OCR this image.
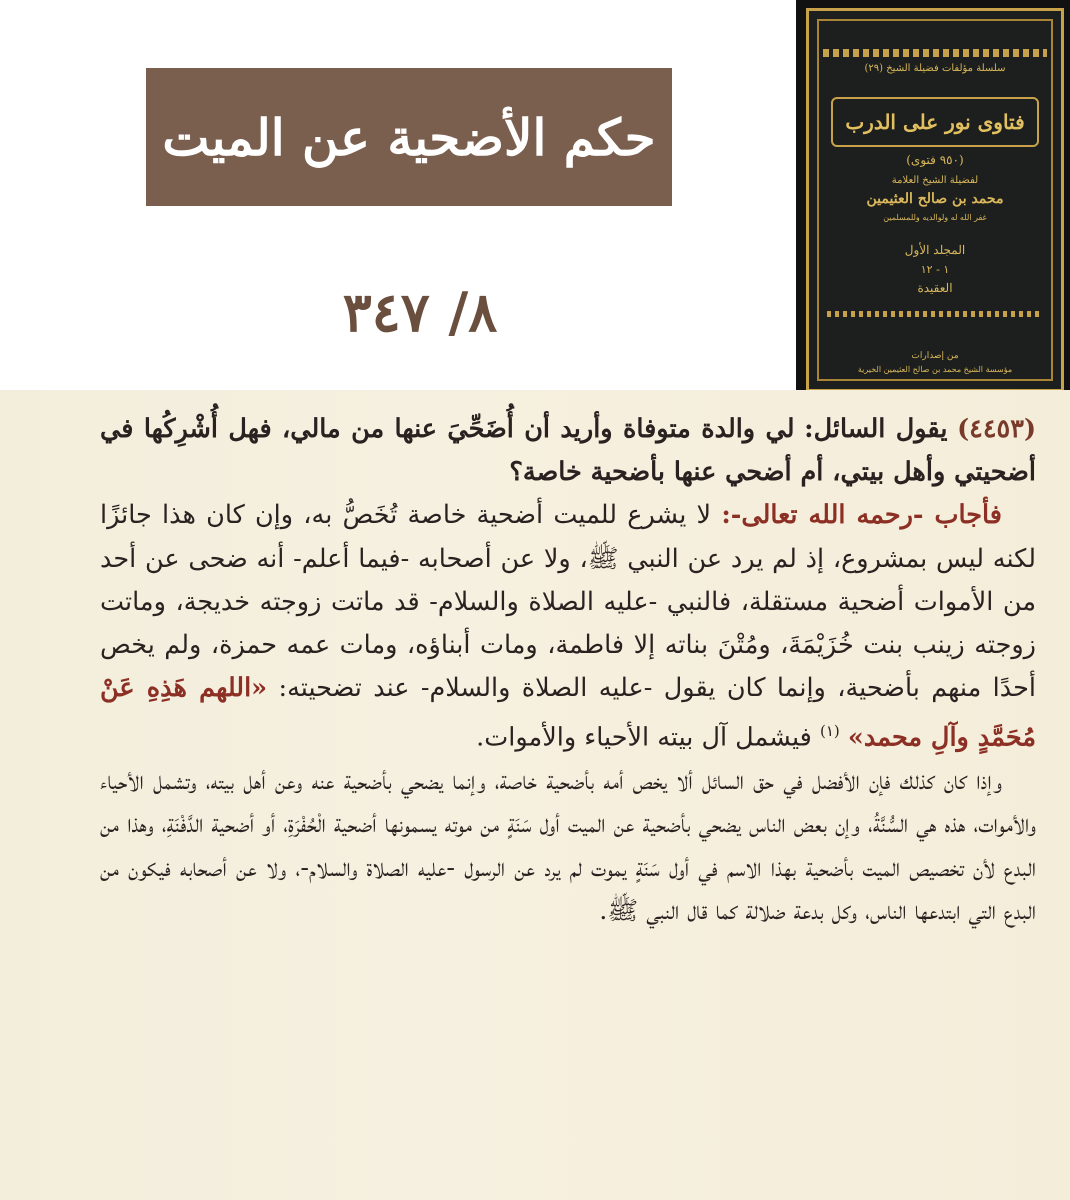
حكم الأضحية عن الميت
٨/ ٣٤٧
سلسلة مؤلفات فضيلة الشيخ (٢٩)
فتاوى نور على الدرب
(٩٥٠ فتوى)
لفضيلة الشيخ العلامة
محمد بن صالح العثيمين
غفر الله له ولوالديه وللمسلمين
المجلد الأول
١ - ١٢
العقيدة
من إصدارات
مؤسسة الشيخ محمد بن صالح العثيمين الخيرية

(٤٤٥٣) يقول السائل: لي والدة متوفاة وأريد أن أُضَحِّيَ عنها من مالي، فهل أُشْرِكُها في أضحيتي وأهل بيتي، أم أضحي عنها بأضحية خاصة؟

فأجاب -رحمه الله تعالى-: لا يشرع للميت أضحية خاصة تُخَصُّ به، وإن كان هذا جائزًا لكنه ليس بمشروع، إذ لم يرد عن النبي ﷺ، ولا عن أصحابه -فيما أعلم- أنه ضحى عن أحد من الأموات أضحية مستقلة، فالنبي -عليه الصلاة والسلام- قد ماتت زوجته خديجة، وماتت زوجته زينب بنت خُزَيْمَةَ، ومُتْنَ بناته إلا فاطمة، ومات أبناؤه، ومات عمه حمزة، ولم يخص أحدًا منهم بأضحية، وإنما كان يقول -عليه الصلاة والسلام- عند تضحيته: «اللهم هَذِهِ عَنْ مُحَمَّدٍ وآلِ محمد» $^{(١)}$ فيشمل آل بيته الأحياء والأموات.

وإذا كان كذلك فإن الأفضل في حق السائل ألا يخص أمه بأضحية خاصة، وإنما يضحي بأضحية عنه وعن أهل بيته، وتشمل الأحياء والأموات، هذه هي السُّنَّةُ، وإن بعض الناس يضحي بأضحية عن الميت أول سَنَةٍ من موته يسمونها أضحية الْحُفْرَةِ، أو أضحية الدَّفْنَةِ، وهذا من البدع لأن تخصيص الميت بأضحية بهذا الاسم في أول سَنَةٍ يموت لم يرد عن الرسول -عليه الصلاة والسلام-، ولا عن أصحابه فيكون من البدع التي ابتدعها الناس، وكل بدعة ضلالة كما قال النبي ﷺ.
